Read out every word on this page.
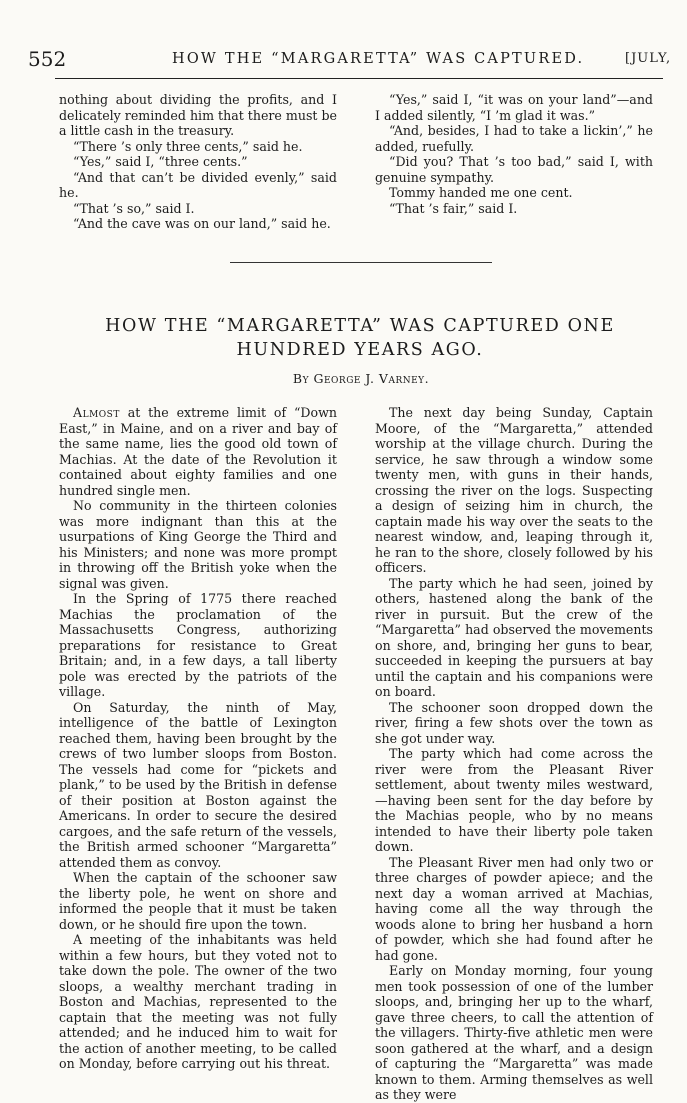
552	HOW THE “MARGARETTA” WAS CAPTURED.	[JULY,

nothing about dividing the profits, and I delicately reminded him that there must be a little cash in the treasury.

“There ’s only three cents,” said he.

“Yes,” said I, “three cents.”

“And that can’t be divided evenly,” said he.

“That ’s so,” said I.

“And the cave was on our land,” said he.

“Yes,” said I, “it was on your land”—and I added silently, “I ’m glad it was.”

“And, besides, I had to take a lickin’,” he added, ruefully.

“Did you? That ’s too bad,” said I, with genuine sympathy.

Tommy handed me one cent.

“That ’s fair,” said I.

HOW THE “MARGARETTA” WAS CAPTURED ONE
HUNDRED YEARS AGO.
By George J. Varney.

Almost at the extreme limit of “Down East,” in Maine, and on a river and bay of the same name, lies the good old town of Machias. At the date of the Revolution it contained about eighty families and one hundred single men.

No community in the thirteen colonies was more indignant than this at the usurpations of King George the Third and his Ministers; and none was more prompt in throwing off the British yoke when the signal was given.

In the Spring of 1775 there reached Machias the proclamation of the Massachusetts Congress, authorizing preparations for resistance to Great Britain; and, in a few days, a tall liberty pole was erected by the patriots of the village.

On Saturday, the ninth of May, intelligence of the battle of Lexington reached them, having been brought by the crews of two lumber sloops from Boston. The vessels had come for “pickets and plank,” to be used by the British in defense of their position at Boston against the Americans. In order to secure the desired cargoes, and the safe return of the vessels, the British armed schooner “Margaretta” attended them as convoy.

When the captain of the schooner saw the liberty pole, he went on shore and informed the people that it must be taken down, or he should fire upon the town.

A meeting of the inhabitants was held within a few hours, but they voted not to take down the pole. The owner of the two sloops, a wealthy merchant trading in Boston and Machias, represented to the captain that the meeting was not fully attended; and he induced him to wait for the action of another meeting, to be called on Monday, before carrying out his threat.

The next day being Sunday, Captain Moore, of the “Margaretta,” attended worship at the village church. During the service, he saw through a window some twenty men, with guns in their hands, crossing the river on the logs. Suspecting a design of seizing him in church, the captain made his way over the seats to the nearest window, and, leaping through it, he ran to the shore, closely followed by his officers.

The party which he had seen, joined by others, hastened along the bank of the river in pursuit. But the crew of the “Margaretta” had observed the movements on shore, and, bringing her guns to bear, succeeded in keeping the pursuers at bay until the captain and his companions were on board.

The schooner soon dropped down the river, firing a few shots over the town as she got under way.

The party which had come across the river were from the Pleasant River settlement, about twenty miles westward,—having been sent for the day before by the Machias people, who by no means intended to have their liberty pole taken down.

The Pleasant River men had only two or three charges of powder apiece; and the next day a woman arrived at Machias, having come all the way through the woods alone to bring her husband a horn of powder, which she had found after he had gone.

Early on Monday morning, four young men took possession of one of the lumber sloops, and, bringing her up to the wharf, gave three cheers, to call the attention of the villagers. Thirty-five athletic men were soon gathered at the wharf, and a design of capturing the “Margaretta” was made known to them. Arming themselves as well as they were
